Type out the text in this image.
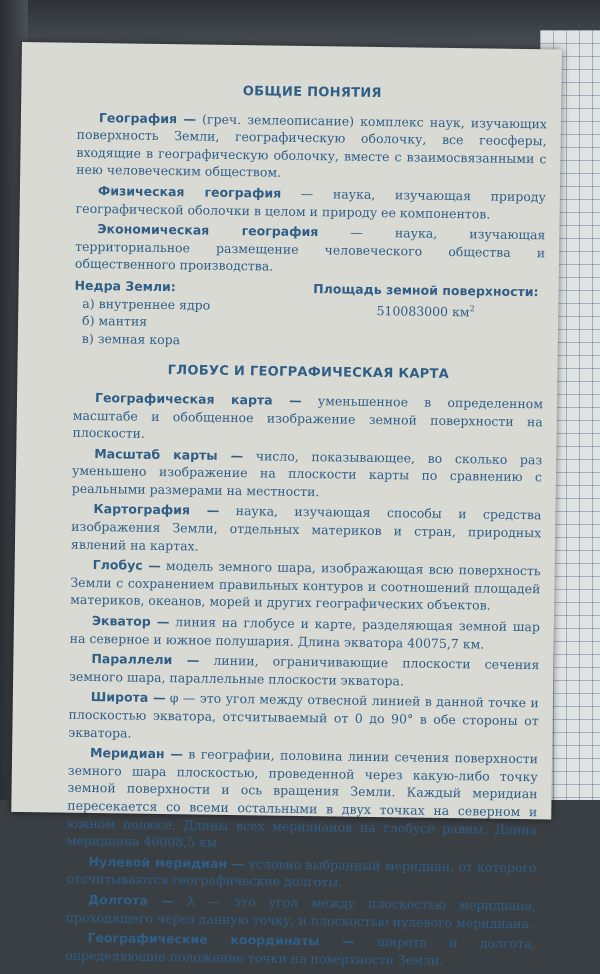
ОБЩИЕ ПОНЯТИЯ

География — (греч. землеописание) комплекс наук, изучающих поверхность Земли, географическую оболочку, все геосферы, входящие в географическую оболочку, вместе с взаимосвязанными с нею человеческим обществом.

Физическая география — наука, изучающая природу географической оболочки в целом и природу ее компонентов.

Экономическая география — наука, изучающая территориальное размещение человеческого общества и общественного производства.

Недра Земли:
а) внутреннее ядро
б) мантия
в) земная кора
Площадь земной поверхности:
510083000 $км^2$
ГЛОБУС И ГЕОГРАФИЧЕСКАЯ КАРТА

Географическая карта — уменьшенное в определенном масштабе и обобщенное изображение земной поверхности на плоскости.

Масштаб карты — число, показывающее, во сколько раз уменьшено изображение на плоскости карты по сравнению с реальными размерами на местности.

Картография — наука, изучающая способы и средства изображения Земли, отдельных материков и стран, природных явлений на картах.

Глобус — модель земного шара, изображающая всю поверхность Земли с сохранением правильных контуров и соотношений площадей материков, океанов, морей и других географических объектов.

Экватор — линия на глобусе и карте, разделяющая земной шар на северное и южное полушария. Длина экватора 40075,7 км.

Параллели — линии, ограничивающие плоскости сечения земного шара, параллельные плоскости экватора.

Широта — φ — это угол между отвесной линией в данной точке и плоскостью экватора, отсчитываемый от 0 до 90° в обе стороны от экватора.

Меридиан — в географии, половина линии сечения поверхности земного шара плоскостью, проведенной через какую-либо точку земной поверхности и ось вращения Земли. Каждый меридиан пересекается со всеми остальными в двух точках на северном и южном полюсе. Длины всех меридианов на глобусе равны. Длина меридиана 40008,5 км.

Нулевой меридиан — условно выбранный меридиан, от которого отсчитываются географические долготы.

Долгота — λ — это угол между плоскостью меридиана, проходящего через данную точку, и плоскостью нулевого меридиана.

Географические координаты — широта и долгота, определяющие положение точки на поверхности Земли.
